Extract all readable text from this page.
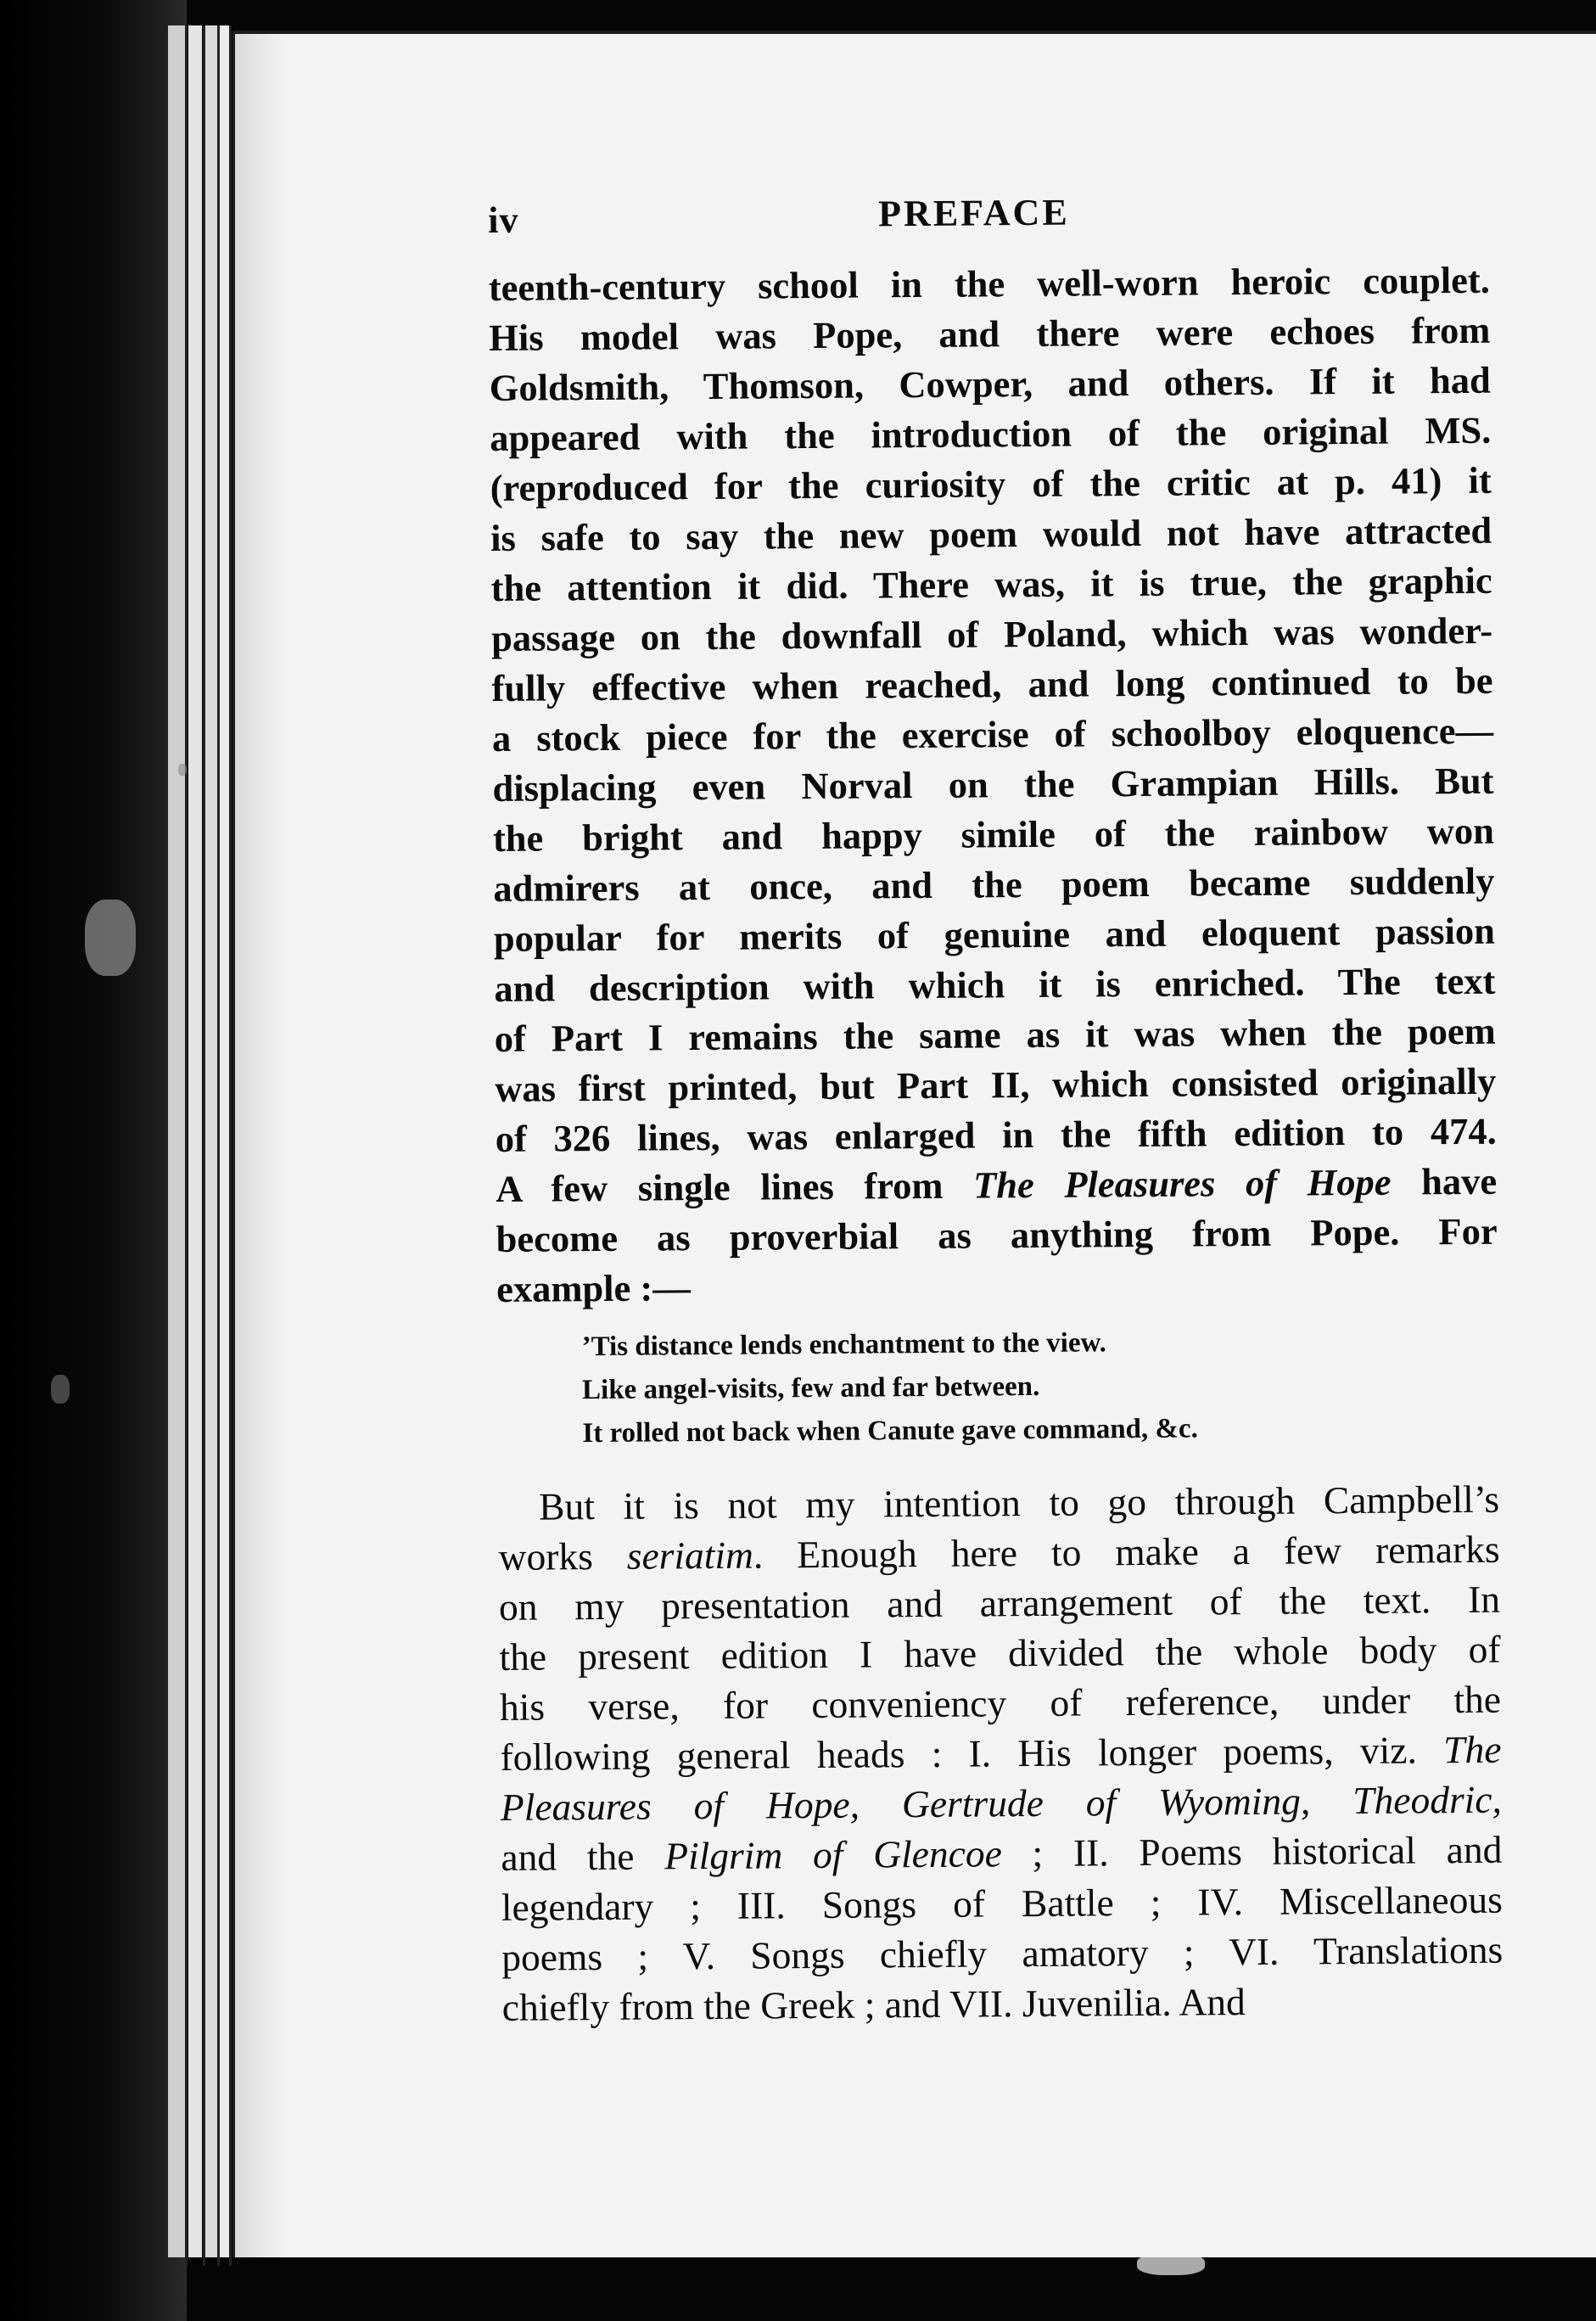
iv	PREFACE
teenth-century school in the well-worn heroic couplet.
His model was Pope, and there were echoes from
Goldsmith, Thomson, Cowper, and others. If it had
appeared with the introduction of the original MS.
(reproduced for the curiosity of the critic at p. 41) it
is safe to say the new poem would not have attracted
the attention it did. There was, it is true, the graphic
passage on the downfall of Poland, which was wonder-
fully effective when reached, and long continued to be
a stock piece for the exercise of schoolboy eloquence—
displacing even Norval on the Grampian Hills. But
the bright and happy simile of the rainbow won
admirers at once, and the poem became suddenly
popular for merits of genuine and eloquent passion
and description with which it is enriched. The text
of Part I remains the same as it was when the poem
was first printed, but Part II, which consisted originally
of 326 lines, was enlarged in the fifth edition to 474.
A few single lines from The Pleasures of Hope have
become as proverbial as anything from Pope. For
example :—
’Tis distance lends enchantment to the view.
Like angel-visits, few and far between.
It rolled not back when Canute gave command, &c.
But it is not my intention to go through Campbell’s
works seriatim. Enough here to make a few remarks
on my presentation and arrangement of the text. In
the present edition I have divided the whole body of
his verse, for conveniency of reference, under the
following general heads : I. His longer poems, viz. The
Pleasures of Hope, Gertrude of Wyoming, Theodric,
and the Pilgrim of Glencoe ; II. Poems historical and
legendary ; III. Songs of Battle ; IV. Miscellaneous
poems ; V. Songs chiefly amatory ; VI. Translations
chiefly from the Greek ; and VII. Juvenilia. And
